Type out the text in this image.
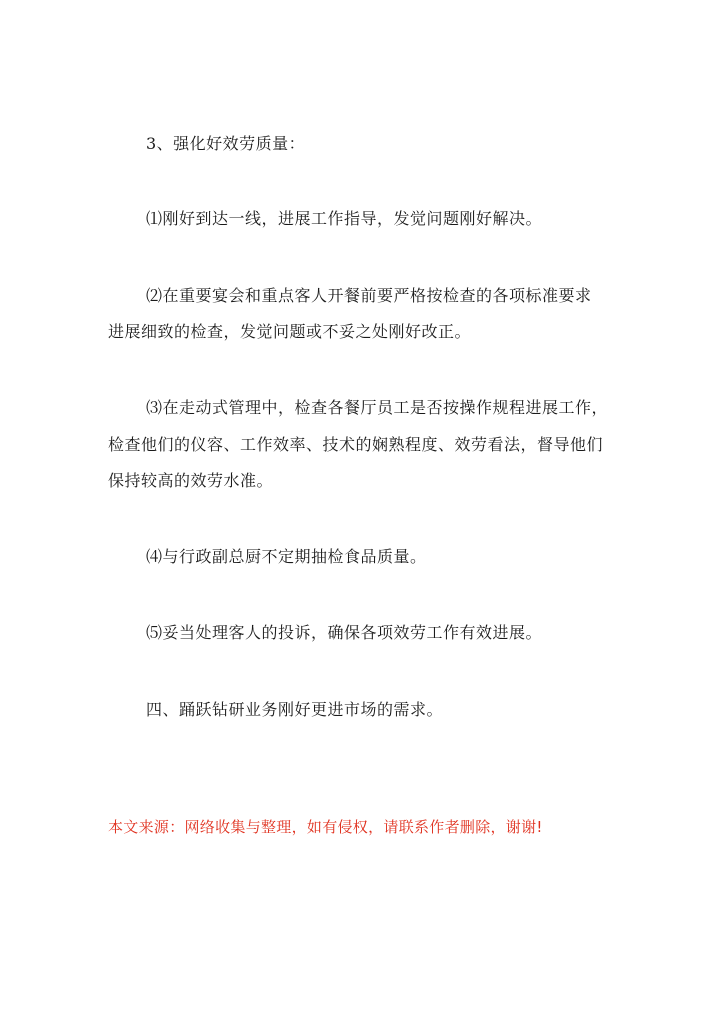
3、强化好效劳质量：
⑴刚好到达一线，进展工作指导，发觉问题刚好解决。
⑵在重要宴会和重点客人开餐前要严格按检查的各项标准要求
进展细致的检查，发觉问题或不妥之处刚好改正。
⑶在走动式管理中，检查各餐厅员工是否按操作规程进展工作，
检查他们的仪容、工作效率、技术的娴熟程度、效劳看法，督导他们
保持较高的效劳水准。
⑷与行政副总厨不定期抽检食品质量。
⑸妥当处理客人的投诉，确保各项效劳工作有效进展。
四、踊跃钻研业务刚好更进市场的需求。
本文来源：网络收集与整理，如有侵权，请联系作者删除，谢谢!
